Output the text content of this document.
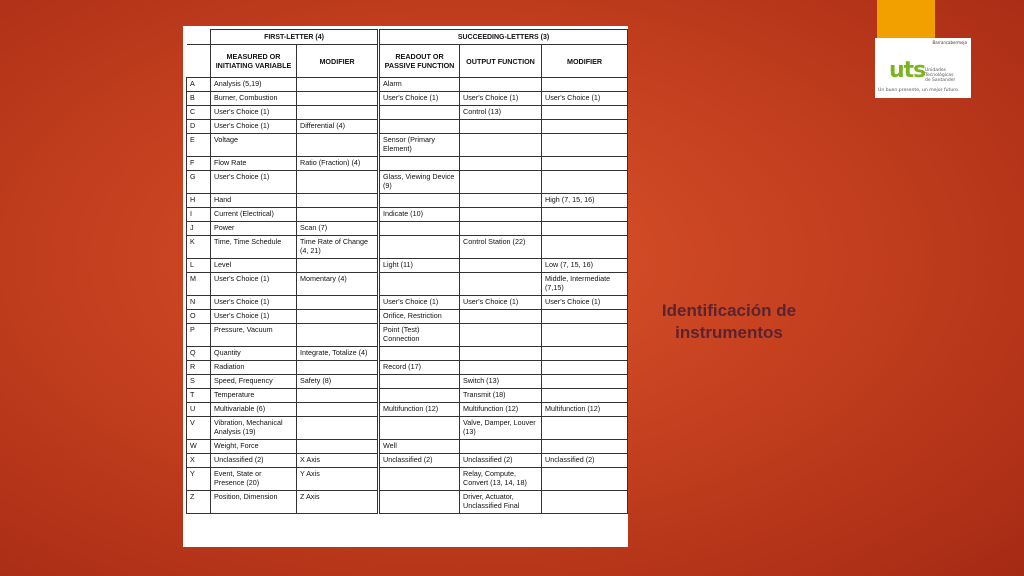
	FIRST-LETTER (4)		SUCCEEDING-LETTERS (3)		
	MEASURED OR INITIATING VARIABLE	MODIFIER	READOUT OR PASSIVE FUNCTION	OUTPUT FUNCTION	MODIFIER
A	Analysis (5,19)		Alarm		
B	Burner, Combustion		User's Choice (1)	User's Choice (1)	User's Choice (1)
C	User's Choice (1)			Control (13)	
D	User's Choice (1)	Differential (4)			
E	Voltage		Sensor (Primary Element)		
F	Flow Rate	Ratio (Fraction) (4)			
G	User's Choice (1)		Glass, Viewing Device (9)		
H	Hand				High (7, 15, 16)
I	Current (Electrical)		Indicate (10)		
J	Power	Scan (7)			
K	Time, Time Schedule	Time Rate of Change (4, 21)		Control Station (22)	
L	Level		Light (11)		Low (7, 15, 16)
M	User's Choice (1)	Momentary (4)			Middle, Intermediate (7,15)
N	User's Choice (1)		User's Choice (1)	User's Choice (1)	User's Choice (1)
O	User's Choice (1)		Orifice, Restriction		
P	Pressure, Vacuum		Point (Test) Connection		
Q	Quantity	Integrate, Totalize (4)			
R	Radiation		Record (17)		
S	Speed, Frequency	Safety (8)		Switch (13)	
T	Temperature			Transmit (18)	
U	Multivariable (6)		Multifunction (12)	Multifunction (12)	Multifunction (12)
V	Vibration, Mechanical Analysis (19)			Valve, Damper, Louver (13)	
W	Weight, Force		Well		
X	Unclassified (2)	X Axis	Unclassified (2)	Unclassified (2)	Unclassified (2)
Y	Event, State or Presence (20)	Y Axis		Relay, Compute, Convert (13, 14, 18)	
Z	Position, Dimension	Z Axis		Driver, Actuator, Unclassified Final	
Barrancabermeja
uts Unidades
Tecnológicas
de Santander
Un buen presente, un mejor futuro.
Identificación de
instrumentos
